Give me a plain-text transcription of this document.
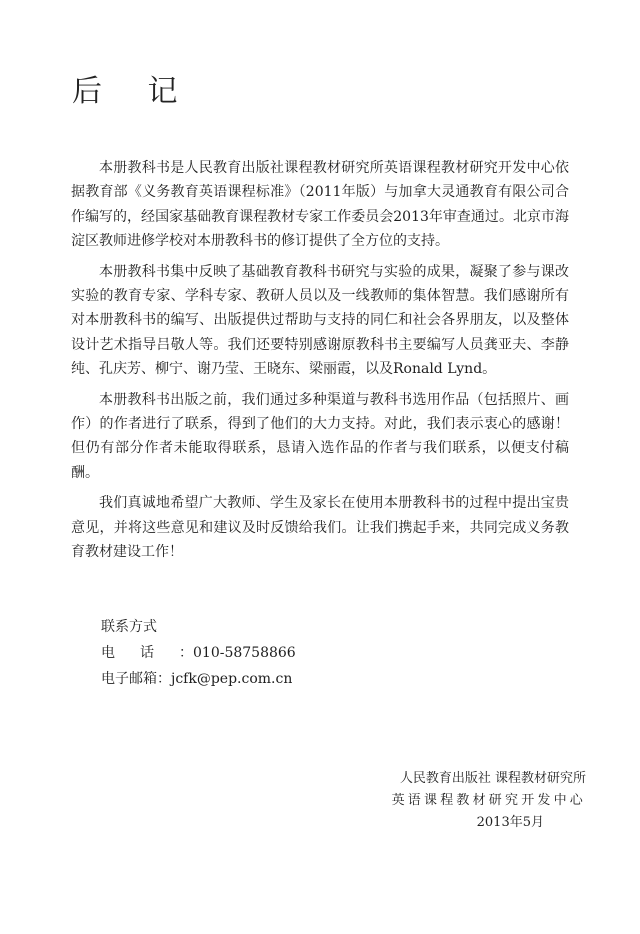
后 记

本册教科书是人民教育出版社课程教材研究所英语课程教材研究开发中心依据教育部《义务教育英语课程标准》（2011年版）与加拿大灵通教育有限公司合作编写的，经国家基础教育课程教材专家工作委员会2013年审查通过。北京市海淀区教师进修学校对本册教科书的修订提供了全方位的支持。

本册教科书集中反映了基础教育教科书研究与实验的成果，凝聚了参与课改实验的教育专家、学科专家、教研人员以及一线教师的集体智慧。我们感谢所有对本册教科书的编写、出版提供过帮助与支持的同仁和社会各界朋友，以及整体设计艺术指导吕敬人等。我们还要特别感谢原教科书主要编写人员龚亚夫、李静纯、孔庆芳、柳宁、谢乃莹、王晓东、梁丽霞，以及Ronald Lynd。

本册教科书出版之前，我们通过多种渠道与教科书选用作品（包括照片、画作）的作者进行了联系，得到了他们的大力支持。对此，我们表示衷心的感谢！但仍有部分作者未能取得联系，恳请入选作品的作者与我们联系，以便支付稿酬。

我们真诚地希望广大教师、学生及家长在使用本册教科书的过程中提出宝贵意见，并将这些意见和建议及时反馈给我们。让我们携起手来，共同完成义务教育教材建设工作！

联系方式
电话：010-58758866
电子邮箱：jcfk@pep.com.cn
人民教育出版社 课程教材研究所
英语课程教材研究开发中心
2013年5月
